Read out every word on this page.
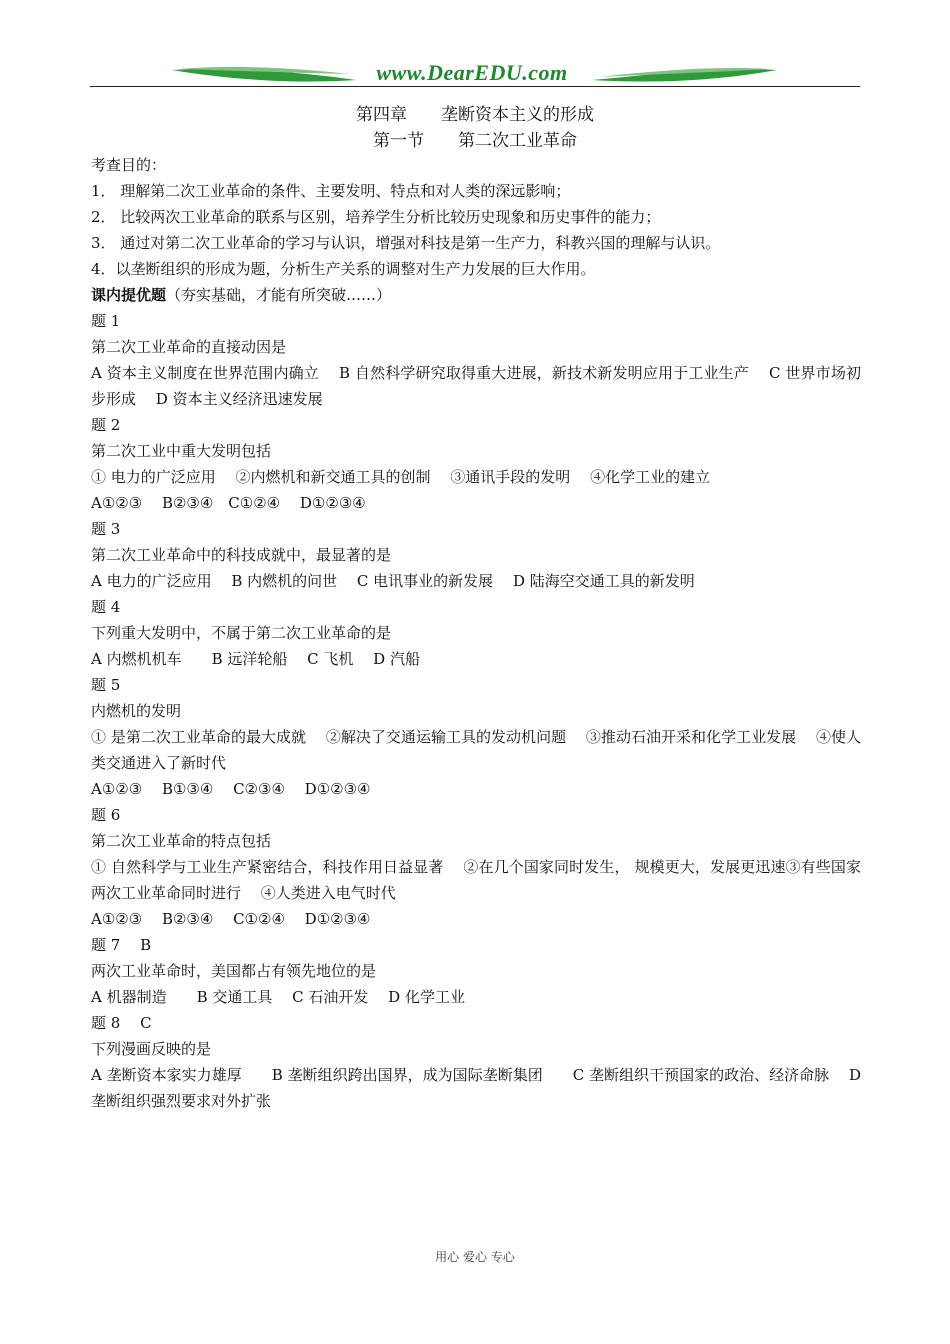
www.DearEDU.com
第四章　　垄断资本主义的形成
第一节　　第二次工业革命

考查目的：

1． 理解第二次工业革命的条件、主要发明、特点和对人类的深远影响；

2． 比较两次工业革命的联系与区别，培养学生分析比较历史现象和历史事件的能力；

3． 通过对第二次工业革命的学习与认识，增强对科技是第一生产力，科教兴国的理解与认识。

4．以垄断组织的形成为题，分析生产关系的调整对生产力发展的巨大作用。

课内提优题（夯实基础，才能有所突破……）

题 1

第二次工业革命的直接动因是

A 资本主义制度在世界范围内确立　 B 自然科学研究取得重大进展，新技术新发明应用于工业生产　 C 世界市场初步形成　 D 资本主义经济迅速发展

题 2

第二次工业中重大发明包括

① 电力的广泛应用　 ②内燃机和新交通工具的创制　 ③通讯手段的发明　 ④化学工业的建立

A①②③　 B②③④　C①②④　 D①②③④

题 3

第二次工业革命中的科技成就中，最显著的是

A 电力的广泛应用　 B 内燃机的问世　 C 电讯事业的新发展　 D 陆海空交通工具的新发明

题 4

下列重大发明中，不属于第二次工业革命的是

A 内燃机机车　　B 远洋轮船　 C 飞机　 D 汽船

题 5

内燃机的发明

① 是第二次工业革命的最大成就　 ②解决了交通运输工具的发动机问题　 ③推动石油开采和化学工业发展　 ④使人类交通进入了新时代

A①②③　 B①③④　 C②③④　 D①②③④

题 6

第二次工业革命的特点包括

① 自然科学与工业生产紧密结合，科技作用日益显著　 ②在几个国家同时发生， 规模更大，发展更迅速③有些国家两次工业革命同时进行　 ④人类进入电气时代

A①②③　 B②③④　 C①②④　 D①②③④

题 7　 B

两次工业革命时，美国都占有领先地位的是

A 机器制造　　B 交通工具　 C 石油开发　 D 化学工业

题 8　 C

下列漫画反映的是

A 垄断资本家实力雄厚　　B 垄断组织跨出国界，成为国际垄断集团　　C 垄断组织干预国家的政治、经济命脉　 D 垄断组织强烈要求对外扩张

用心 爱心 专心
